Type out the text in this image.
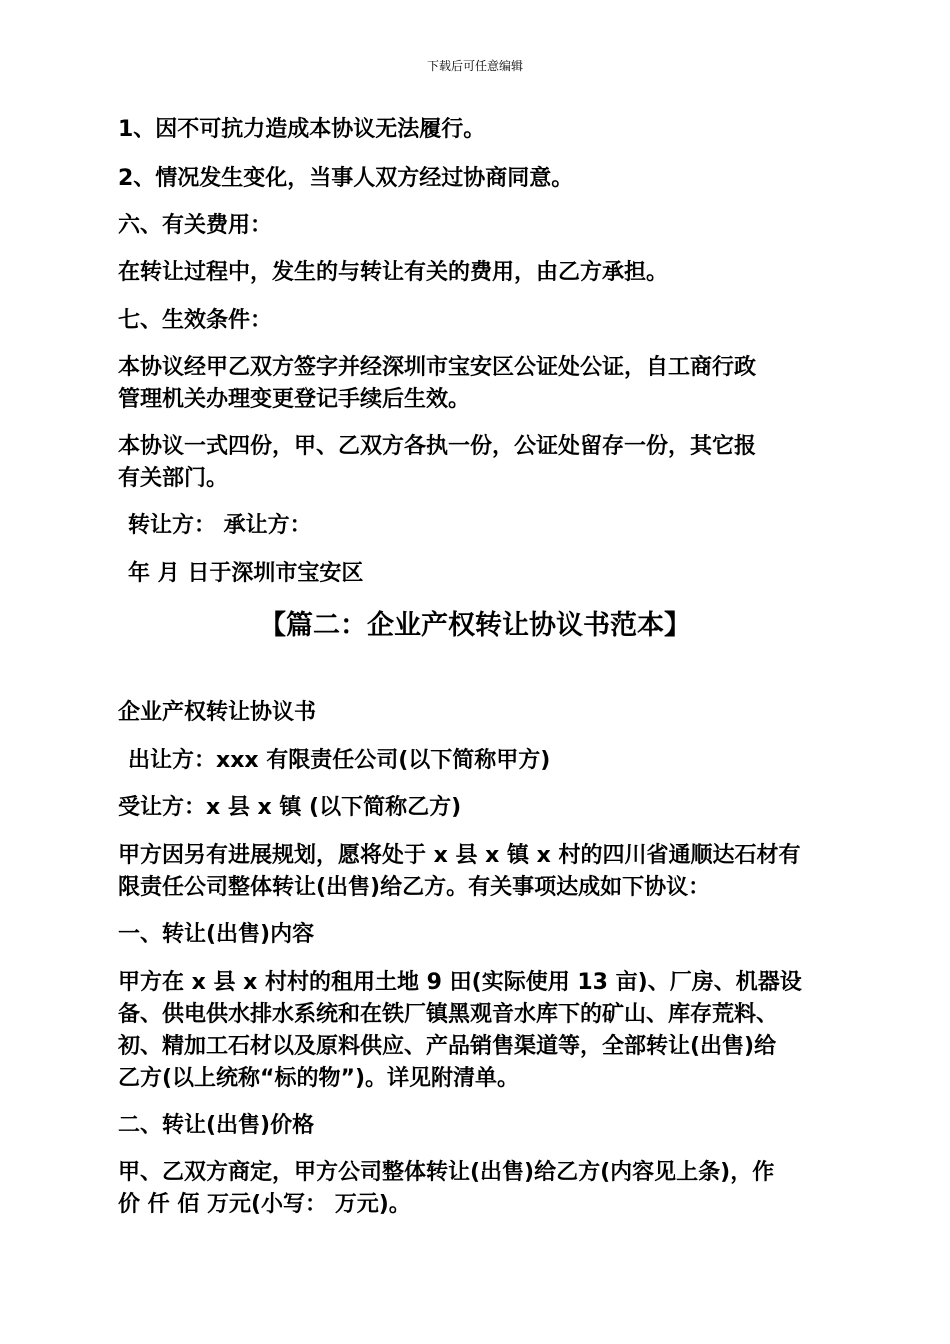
下载后可任意编辑
1、因不可抗力造成本协议无法履行。
2、情况发生变化，当事人双方经过协商同意。
六、有关费用：
在转让过程中，发生的与转让有关的费用，由乙方承担。
七、生效条件：
本协议经甲乙双方签字并经深圳市宝安区公证处公证，自工商行政
管理机关办理变更登记手续后生效。
本协议一式四份，甲、乙双方各执一份，公证处留存一份，其它报
有关部门。
转让方： 承让方：
年 月 日于深圳市宝安区
【篇二：企业产权转让协议书范本】
企业产权转让协议书
出让方：xxx 有限责任公司(以下简称甲方)
受让方：x 县 x 镇 (以下简称乙方)
甲方因另有进展规划，愿将处于 x 县 x 镇 x 村的四川省通顺达石材有
限责任公司整体转让(出售)给乙方。有关事项达成如下协议：
一、转让(出售)内容
甲方在 x 县 x 村村的租用土地 9 田(实际使用 13 亩)、厂房、机器设
备、供电供水排水系统和在铁厂镇黑观音水库下的矿山、库存荒料、
初、精加工石材以及原料供应、产品销售渠道等，全部转让(出售)给
乙方(以上统称“标的物”)。详见附清单。
二、转让(出售)价格
甲、乙双方商定，甲方公司整体转让(出售)给乙方(内容见上条)，作
价 仟 佰 万元(小写： 万元)。
